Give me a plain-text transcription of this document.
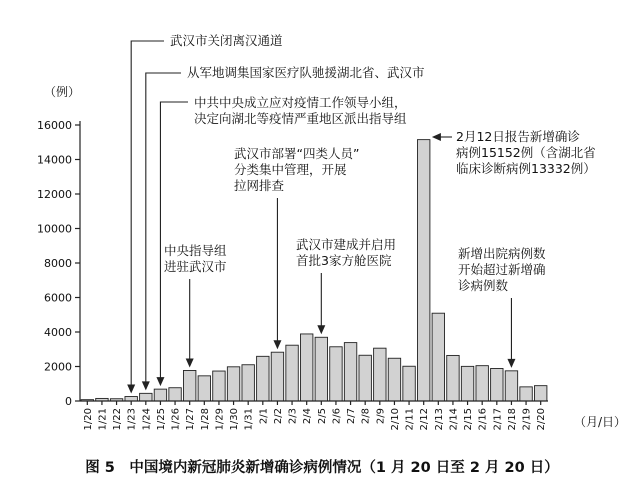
（例）
0
2000
4000
6000
8000
10000
12000
14000
16000
1/20 1/21 1/22 1/23 1/24 1/25 1/26 1/27 1/28 1/29 1/30 1/31 2/1 2/2 2/3 2/4 2/5 2/6 2/7 2/8 2/9 2/10 2/11 2/12 2/13 2/14 2/15 2/16 2/17 2/18 2/19 2/20 （月/日）
武汉市关闭离汉通道
从军地调集国家医疗队驰援湖北省、武汉市
中共中央成立应对疫情工作领导小组，
决定向湖北等疫情严重地区派出指导组
中央指导组
进驻武汉市
武汉市部署“四类人员”
分类集中管理，开展
拉网排查
武汉市建成并启用
首批3家方舱医院
2月12日报告新增确诊
病例15152例（含湖北省
临床诊断病例13332例）
新增出院病例数
开始超过新增确
诊病例数
图 5　中国境内新冠肺炎新增确诊病例情况（1 月 20 日至 2 月 20 日）
